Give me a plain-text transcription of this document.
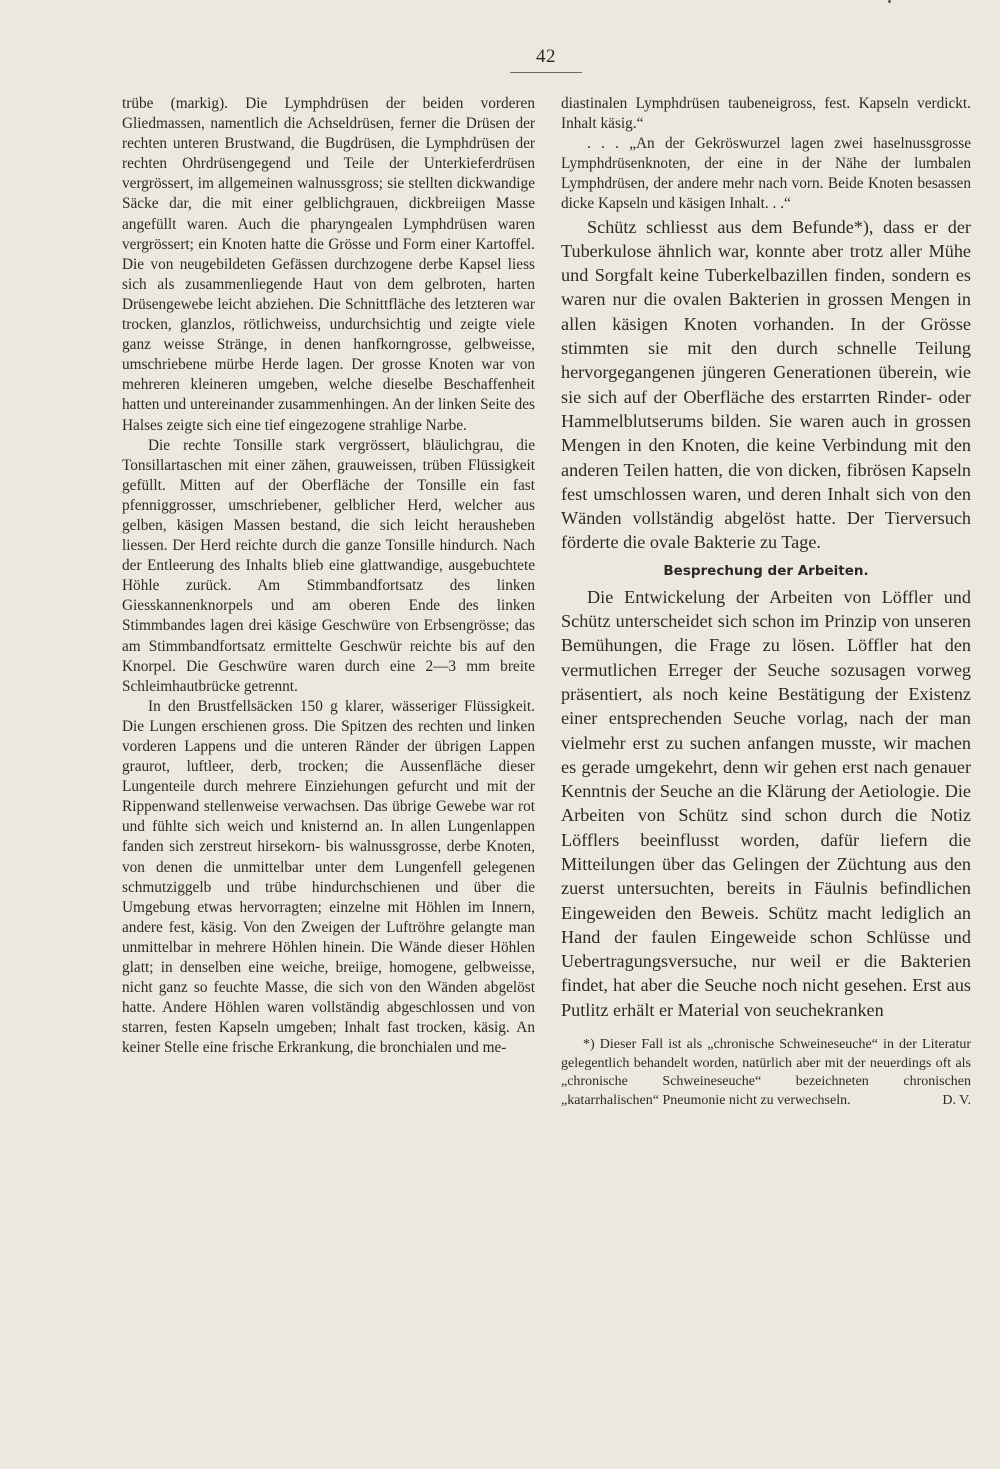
42

trübe (markig). Die Lymphdrüsen der beiden vorderen Gliedmassen, namentlich die Achseldrüsen, ferner die Drüsen der rechten unteren Brustwand, die Bugdrüsen, die Lymphdrüsen der rechten Ohrdrüsengegend und Teile der Unterkieferdrüsen vergrössert, im allgemeinen walnussgross; sie stellten dickwandige Säcke dar, die mit einer gelblichgrauen, dickbreiigen Masse angefüllt waren. Auch die pharyngealen Lymphdrüsen waren vergrössert; ein Knoten hatte die Grösse und Form einer Kartoffel. Die von neugebildeten Gefässen durchzogene derbe Kapsel liess sich als zusammenliegende Haut von dem gelbroten, harten Drüsengewebe leicht abziehen. Die Schnittfläche des letzteren war trocken, glanzlos, rötlichweiss, undurchsichtig und zeigte viele ganz weisse Stränge, in denen hanfkorngrosse, gelbweisse, umschriebene mürbe Herde lagen. Der grosse Knoten war von mehreren kleineren umgeben, welche dieselbe Beschaffenheit hatten und untereinander zusammenhingen. An der linken Seite des Halses zeigte sich eine tief eingezogene strahlige Narbe.

Die rechte Tonsille stark vergrössert, bläulichgrau, die Tonsillartaschen mit einer zähen, grauweissen, trüben Flüssigkeit gefüllt. Mitten auf der Oberfläche der Tonsille ein fast pfenniggrosser, umschriebener, gelblicher Herd, welcher aus gelben, käsigen Massen bestand, die sich leicht herausheben liessen. Der Herd reichte durch die ganze Tonsille hindurch. Nach der Entleerung des Inhalts blieb eine glattwandige, ausgebuchtete Höhle zurück. Am Stimmbandfortsatz des linken Giesskannenknorpels und am oberen Ende des linken Stimmbandes lagen drei käsige Geschwüre von Erbsengrösse; das am Stimmbandfortsatz ermittelte Geschwür reichte bis auf den Knorpel. Die Geschwüre waren durch eine 2—3 mm breite Schleimhautbrücke getrennt.

In den Brustfellsäcken 150 g klarer, wässeriger Flüssigkeit. Die Lungen erschienen gross. Die Spitzen des rechten und linken vorderen Lappens und die unteren Ränder der übrigen Lappen graurot, luftleer, derb, trocken; die Aussenfläche dieser Lungenteile durch mehrere Einziehungen gefurcht und mit der Rippenwand stellenweise verwachsen. Das übrige Gewebe war rot und fühlte sich weich und knisternd an. In allen Lungenlappen fanden sich zerstreut hirsekorn- bis walnussgrosse, derbe Knoten, von denen die unmittelbar unter dem Lungenfell gelegenen schmutziggelb und trübe hindurchschienen und über die Umgebung etwas hervorragten; einzelne mit Höhlen im Innern, andere fest, käsig. Von den Zweigen der Luftröhre gelangte man unmittelbar in mehrere Höhlen hinein. Die Wände dieser Höhlen glatt; in denselben eine weiche, breiige, homogene, gelbweisse, nicht ganz so feuchte Masse, die sich von den Wänden abgelöst hatte. Andere Höhlen waren vollständig abgeschlossen und von starren, festen Kapseln umgeben; Inhalt fast trocken, käsig. An keiner Stelle eine frische Erkrankung, die bronchialen und me-

diastinalen Lymphdrüsen taubeneigross, fest. Kapseln verdickt. Inhalt käsig.“

. . . „An der Gekröswurzel lagen zwei haselnussgrosse Lymphdrüsenknoten, der eine in der Nähe der lumbalen Lymphdrüsen, der andere mehr nach vorn. Beide Knoten besassen dicke Kapseln und käsigen Inhalt. . .“

Schütz schliesst aus dem Befunde*), dass er der Tuberkulose ähnlich war, konnte aber trotz aller Mühe und Sorgfalt keine Tuberkelbazillen finden, sondern es waren nur die ovalen Bakterien in grossen Mengen in allen käsigen Knoten vorhanden. In der Grösse stimmten sie mit den durch schnelle Teilung hervorgegangenen jüngeren Generationen überein, wie sie sich auf der Oberfläche des erstarrten Rinder- oder Hammelblutserums bilden. Sie waren auch in grossen Mengen in den Knoten, die keine Verbindung mit den anderen Teilen hatten, die von dicken, fibrösen Kapseln fest umschlossen waren, und deren Inhalt sich von den Wänden vollständig abgelöst hatte. Der Tierversuch förderte die ovale Bakterie zu Tage.

Besprechung der Arbeiten.

Die Entwickelung der Arbeiten von Löffler und Schütz unterscheidet sich schon im Prinzip von unseren Bemühungen, die Frage zu lösen. Löffler hat den vermutlichen Erreger der Seuche sozusagen vorweg präsentiert, als noch keine Bestätigung der Existenz einer entsprechenden Seuche vorlag, nach der man vielmehr erst zu suchen anfangen musste, wir machen es gerade umgekehrt, denn wir gehen erst nach genauer Kenntnis der Seuche an die Klärung der Aetiologie. Die Arbeiten von Schütz sind schon durch die Notiz Löfflers beeinflusst worden, dafür liefern die Mitteilungen über das Gelingen der Züchtung aus den zuerst untersuchten, bereits in Fäulnis befindlichen Eingeweiden den Beweis. Schütz macht lediglich an Hand der faulen Eingeweide schon Schlüsse und Uebertragungsversuche, nur weil er die Bakterien findet, hat aber die Seuche noch nicht gesehen. Erst aus Putlitz erhält er Material von seuchekranken

*) Dieser Fall ist als „chronische Schweineseuche“ in der Literatur gelegentlich behandelt worden, natürlich aber mit der neuerdings oft als „chronische Schweineseuche“ bezeichneten chronischen „katarrhalischen“ Pneumonie nicht zu verwechseln.	D. V.
